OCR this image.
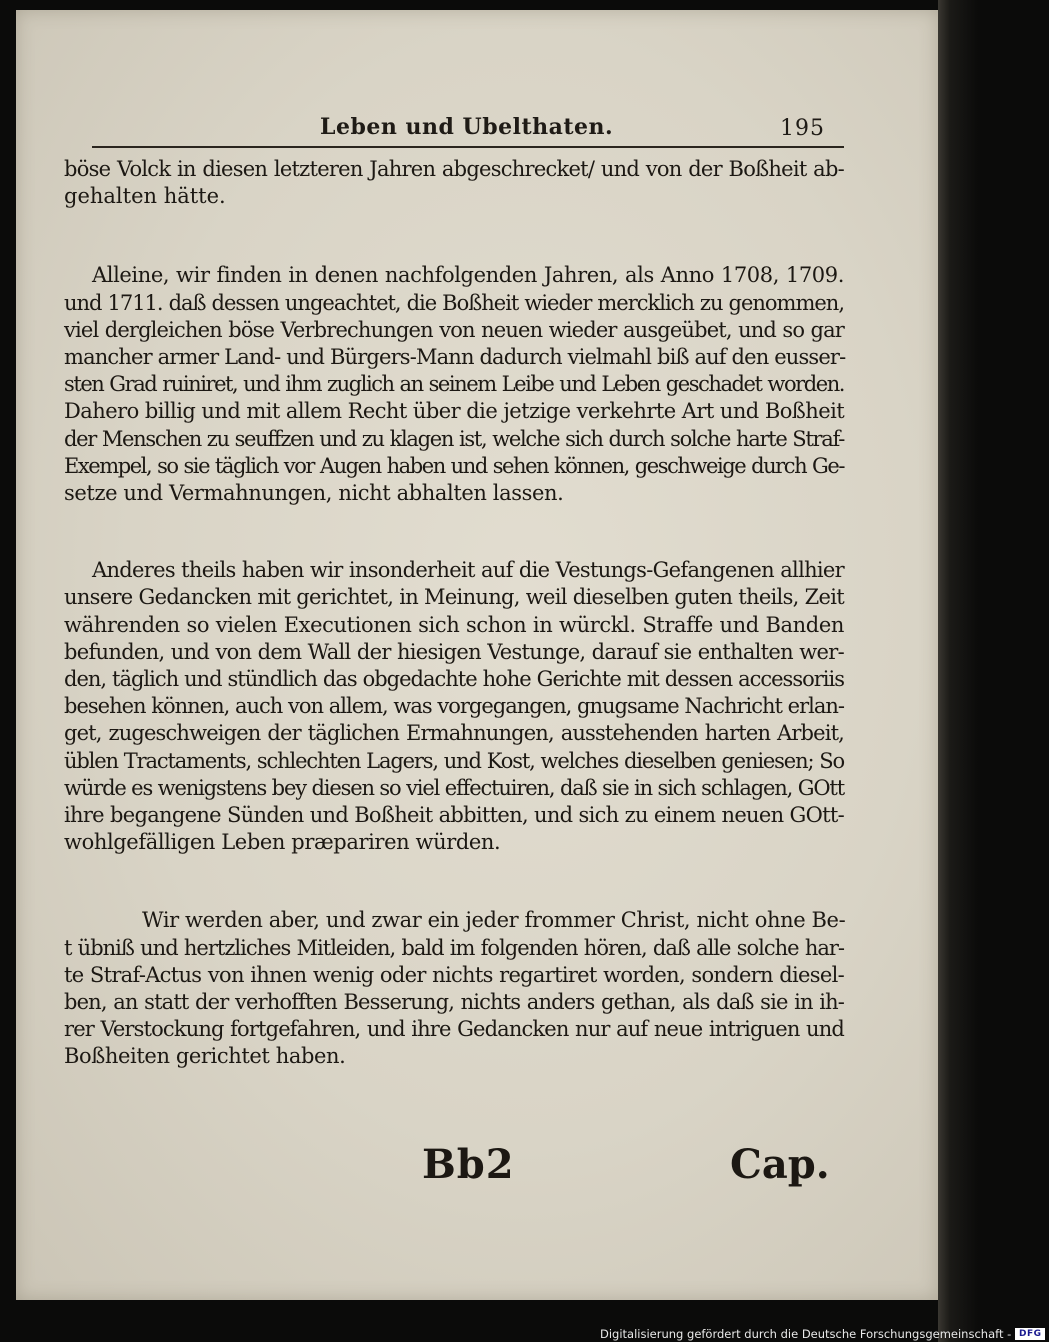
Leben und Ubelthaten.	195

böse Volck in diesen letzteren Jahren abgeschrecket/ und von der Boßheit ab-
gehalten hätte.

Alleine, wir finden in denen nachfolgenden Jahren, als Anno 1708, 1709.
und 1711. daß dessen ungeachtet, die Boßheit wieder mercklich zu genommen,
viel dergleichen böse Verbrechungen von neuen wieder ausgeübet, und so gar
mancher armer Land- und Bürgers-Mann dadurch vielmahl biß auf den eusser-
sten Grad ruiniret, und ihm zuglich an seinem Leibe und Leben geschadet worden.
Dahero billig und mit allem Recht über die jetzige verkehrte Art und Boßheit
der Menschen zu seuffzen und zu klagen ist, welche sich durch solche harte Straf-
Exempel, so sie täglich vor Augen haben und sehen können, geschweige durch Ge-
setze und Vermahnungen, nicht abhalten lassen.

Anderes theils haben wir insonderheit auf die Vestungs-Gefangenen allhier
unsere Gedancken mit gerichtet, in Meinung, weil dieselben guten theils, Zeit
währenden so vielen Executionen sich schon in würckl. Straffe und Banden
befunden, und von dem Wall der hiesigen Vestunge, darauf sie enthalten wer-
den, täglich und stündlich das obgedachte hohe Gerichte mit dessen accessoriis
besehen können, auch von allem, was vorgegangen, gnugsame Nachricht erlan-
get, zugeschweigen der täglichen Ermahnungen, ausstehenden harten Arbeit,
üblen Tractaments, schlechten Lagers, und Kost, welches dieselben geniesen; So
würde es wenigstens bey diesen so viel effectuiren, daß sie in sich schlagen, GOtt
ihre begangene Sünden und Boßheit abbitten, und sich zu einem neuen GOtt-
wohlgefälligen Leben præpariren würden.

Wir werden aber, und zwar ein jeder frommer Christ, nicht ohne Be-
t übniß und hertzliches Mitleiden, bald im folgenden hören, daß alle solche har-
te Straf-Actus von ihnen wenig oder nichts regartiret worden, sondern diesel-
ben, an statt der verhofften Besserung, nichts anders gethan, als daß sie in ih-
rer Verstockung fortgefahren, und ihre Gedancken nur auf neue intriguen und
Boßheiten gerichtet haben.

Bb2	Cap.
Digitalisierung gefördert durch die Deutsche Forschungsgemeinschaft - DFG
